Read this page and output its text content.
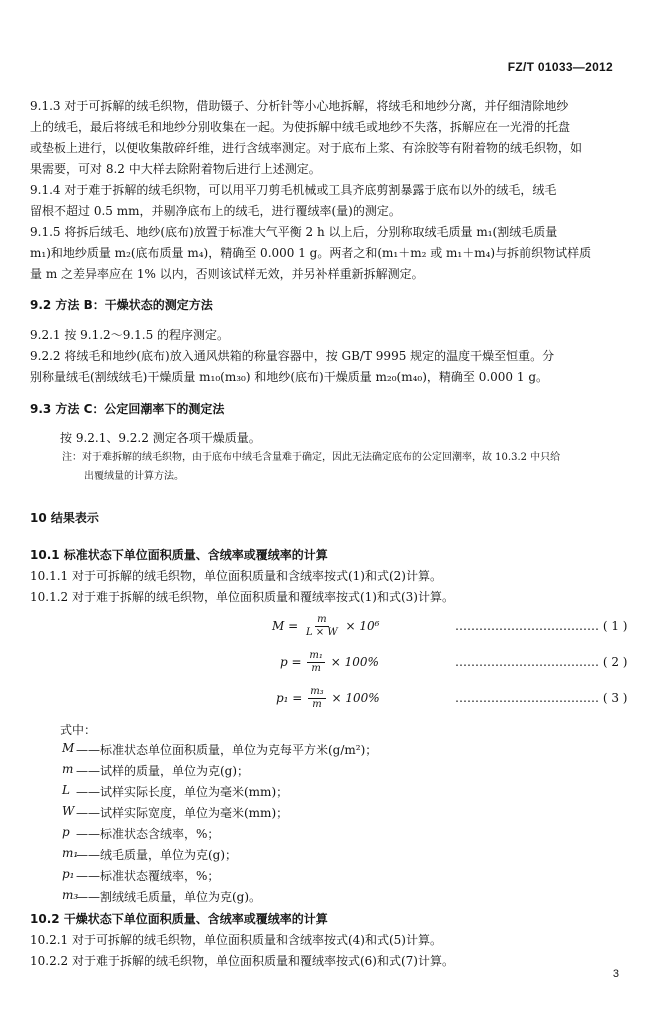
FZ/T 01033—2012
9.1.3 对于可拆解的绒毛织物，借助镊子、分析针等小心地拆解，将绒毛和地纱分离，并仔细清除地纱
上的绒毛，最后将绒毛和地纱分别收集在一起。为使拆解中绒毛或地纱不失落，拆解应在一光滑的托盘
或垫板上进行，以便收集散碎纤维，进行含绒率测定。对于底布上浆、有涂胶等有附着物的绒毛织物，如
果需要，可对 8.2 中大样去除附着物后进行上述测定。
9.1.4 对于难于拆解的绒毛织物，可以用平刀剪毛机械或工具齐底剪割暴露于底布以外的绒毛，绒毛
留根不超过 0.5 mm，并剔净底布上的绒毛，进行覆绒率(量)的测定。
9.1.5 将拆后绒毛、地纱(底布)放置于标准大气平衡 2 h 以上后，分别称取绒毛质量 m₁(割绒毛质量
m₁)和地纱质量 m₂(底布质量 m₄)，精确至 0.000 1 g。两者之和(m₁＋m₂ 或 m₁＋m₄)与拆前织物试样质
量 m 之差异率应在 1% 以内，否则该试样无效，并另补样重新拆解测定。
9.2 方法 B：干燥状态的测定方法
9.2.1 按 9.1.2～9.1.5 的程序测定。
9.2.2 将绒毛和地纱(底布)放入通风烘箱的称量容器中，按 GB/T 9995 规定的温度干燥至恒重。分
别称量绒毛(割绒绒毛)干燥质量 m₁₀(m₃₀) 和地纱(底布)干燥质量 m₂₀(m₄₀)，精确至 0.000 1 g。
9.3 方法 C：公定回潮率下的测定法
按 9.2.1、9.2.2 测定各项干燥质量。
注：对于难拆解的绒毛织物，由于底布中绒毛含量难于确定，因此无法确定底布的公定回潮率，故 10.3.2 中只给
出覆绒量的计算方法。
10 结果表示
10.1 标准状态下单位面积质量、含绒率或覆绒率的计算
10.1.1 对于可拆解的绒毛织物，单位面积质量和含绒率按式(1)和式(2)计算。
10.1.2 对于难于拆解的绒毛织物，单位面积质量和覆绒率按式(1)和式(3)计算。
$M = \frac{m}{L \times W} \times 10^6$	……………………………… ( 1 )
$p = \frac{\text{m₁}}{m} \times 100\%$	……………………………… ( 2 )
$p_1 = \frac{\text{m₃}}{m} \times 100\%$	……………………………… ( 3 )
式中：
M ——标准状态单位面积质量，单位为克每平方米(g/m²)；
m ——试样的质量，单位为克(g)；
L ——试样实际长度，单位为毫米(mm)；
W ——试样实际宽度，单位为毫米(mm)；
p ——标准状态含绒率，%；
m₁
——绒毛质量，单位为克(g)；
p₁ ——标准状态覆绒率，%；
m₃
——割绒绒毛质量，单位为克(g)。
10.2 干燥状态下单位面积质量、含绒率或覆绒率的计算
10.2.1 对于可拆解的绒毛织物，单位面积质量和含绒率按式(4)和式(5)计算。
10.2.2 对于难于拆解的绒毛织物，单位面积质量和覆绒率按式(6)和式(7)计算。
3
